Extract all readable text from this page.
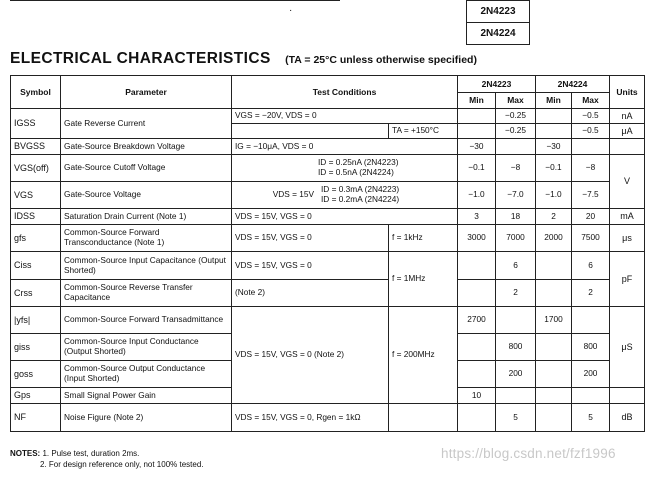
·	2N4223
2N4224
ELECTRICAL CHARACTERISTICS (TA = 25°C unless otherwise specified)
Symbol	Parameter	Test Conditions		2N4223		2N4224		Units
				Min	Max	Min	Max	
IGSS	Gate Reverse Current	VGS = −20V, VDS = 0			−0.25		−0.5	nA
			TA = +150°C		−0.25		−0.5	μA
BVGSS	Gate-Source Breakdown Voltage	IG = −10μA, VDS = 0		−30		−30		
VGS(off)	Gate-Source Cutoff Voltage	ID = 0.25nA (2N4223)
ID = 0.5nA (2N4224)		−0.1	−8	−0.1	−8	V
VGS	Gate-Source Voltage	VDS = 15V ID = 0.3mA (2N4223)
ID = 0.2mA (2N4224)		−1.0	−7.0	−1.0	−7.5	
IDSS	Saturation Drain Current (Note 1)	VDS = 15V, VGS = 0		3	18	2	20	mA
gfs	Common-Source Forward Transconductance (Note 1)	VDS = 15V, VGS = 0	f = 1kHz	3000	7000	2000	7500	μs
Ciss	Common-Source Input Capacitance (Output Shorted)	VDS = 15V, VGS = 0	f = 1MHz		6		6	pF
Crss	Common-Source Reverse Transfer Capacitance	(Note 2)			2		2	
|yfs|	Common-Source Forward Transadmittance	VDS = 15V, VGS = 0 (Note 2)	f = 200MHz	2700		1700		μS
giss	Common-Source Input Conductance (Output Shorted)				800		800	
goss	Common-Source Output Conductance (Input Shorted)				200		200	
Gps	Small Signal Power Gain			10				
NF	Noise Figure (Note 2)	VDS = 15V, VGS = 0, Rgen = 1kΩ			5		5	dB
NOTES: 1. Pulse test, duration 2ms.
2. For design reference only, not 100% tested.
https://blog.csdn.net/fzf1996
